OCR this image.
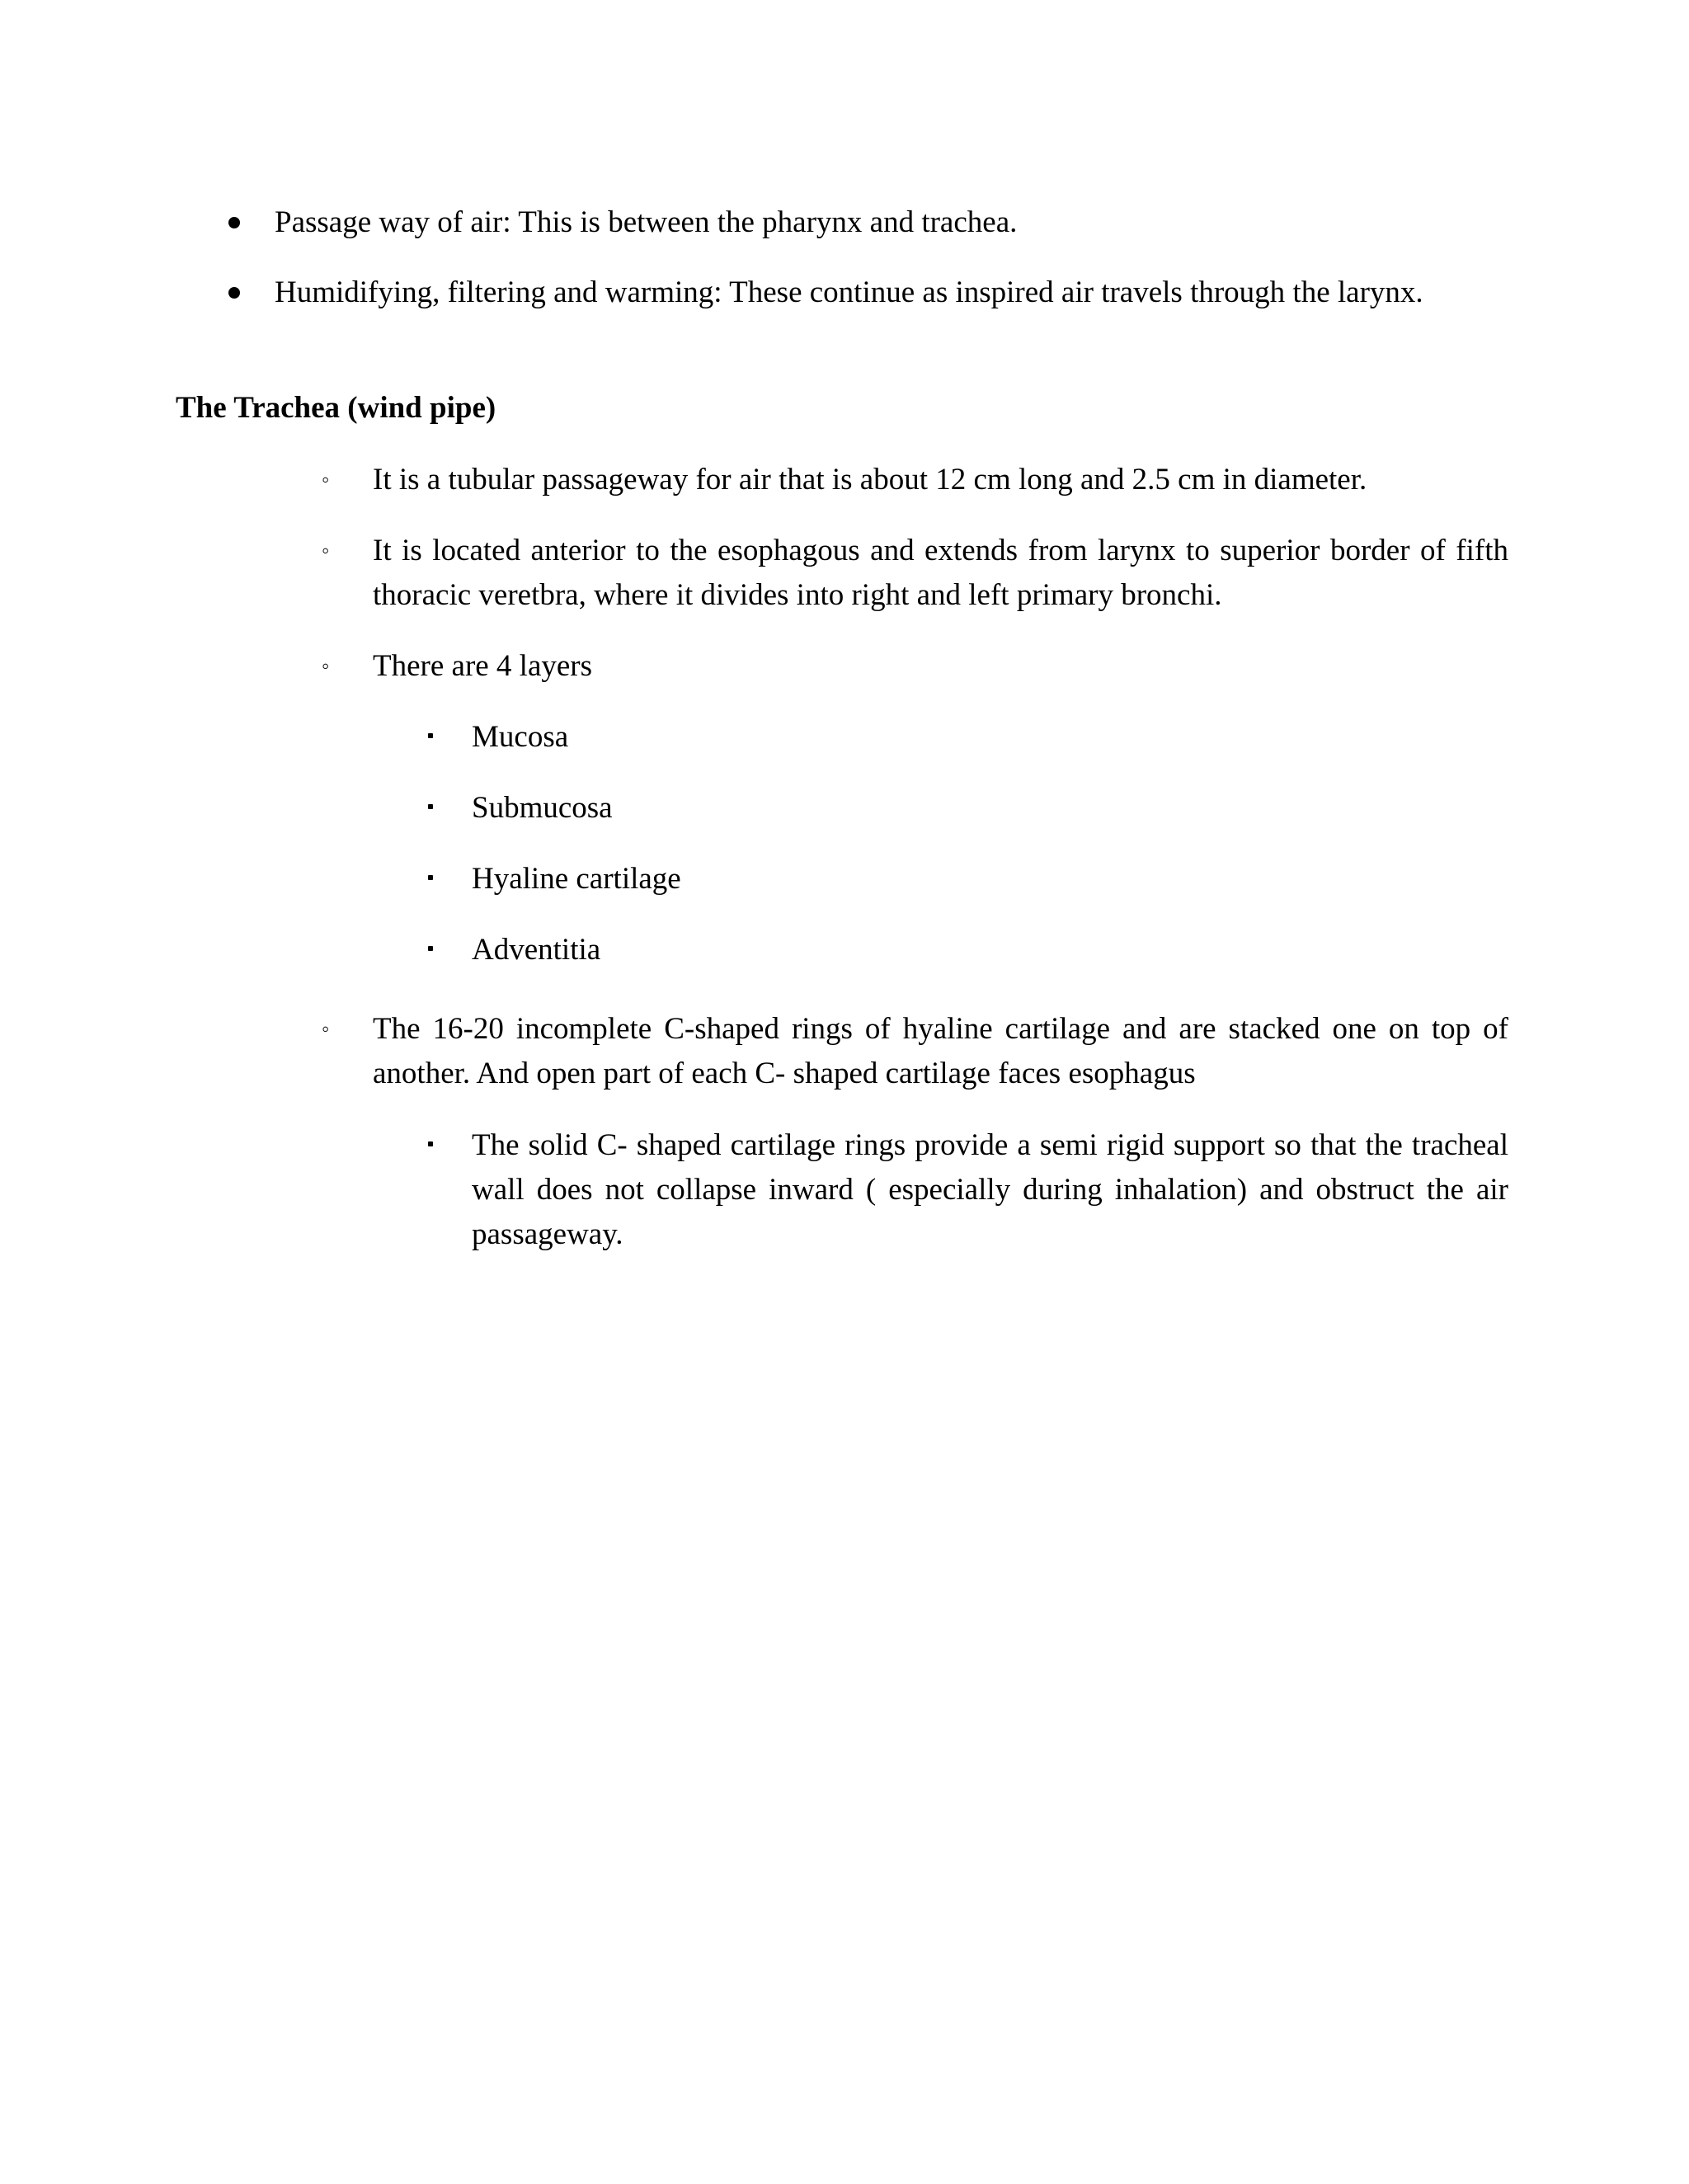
Passage way of air: This is between the pharynx and trachea.
Humidifying, filtering and warming: These continue as inspired air travels through the larynx.
The Trachea (wind pipe)
◦ It is a tubular passageway for air that is about 12 cm long and 2.5 cm in diameter.
◦ It is located anterior to the esophagous and extends from larynx to superior border of fifth thoracic veretbra, where it divides into right and left primary bronchi.
◦ There are 4 layers
Mucosa
Submucosa
Hyaline cartilage
Adventitia
◦ The 16-20 incomplete C-shaped rings of hyaline cartilage and are stacked one on top of another. And open part of each C- shaped cartilage faces esophagus
The solid C- shaped cartilage rings provide a semi rigid support so that the tracheal wall does not collapse inward ( especially during inhalation) and obstruct the air passageway.
